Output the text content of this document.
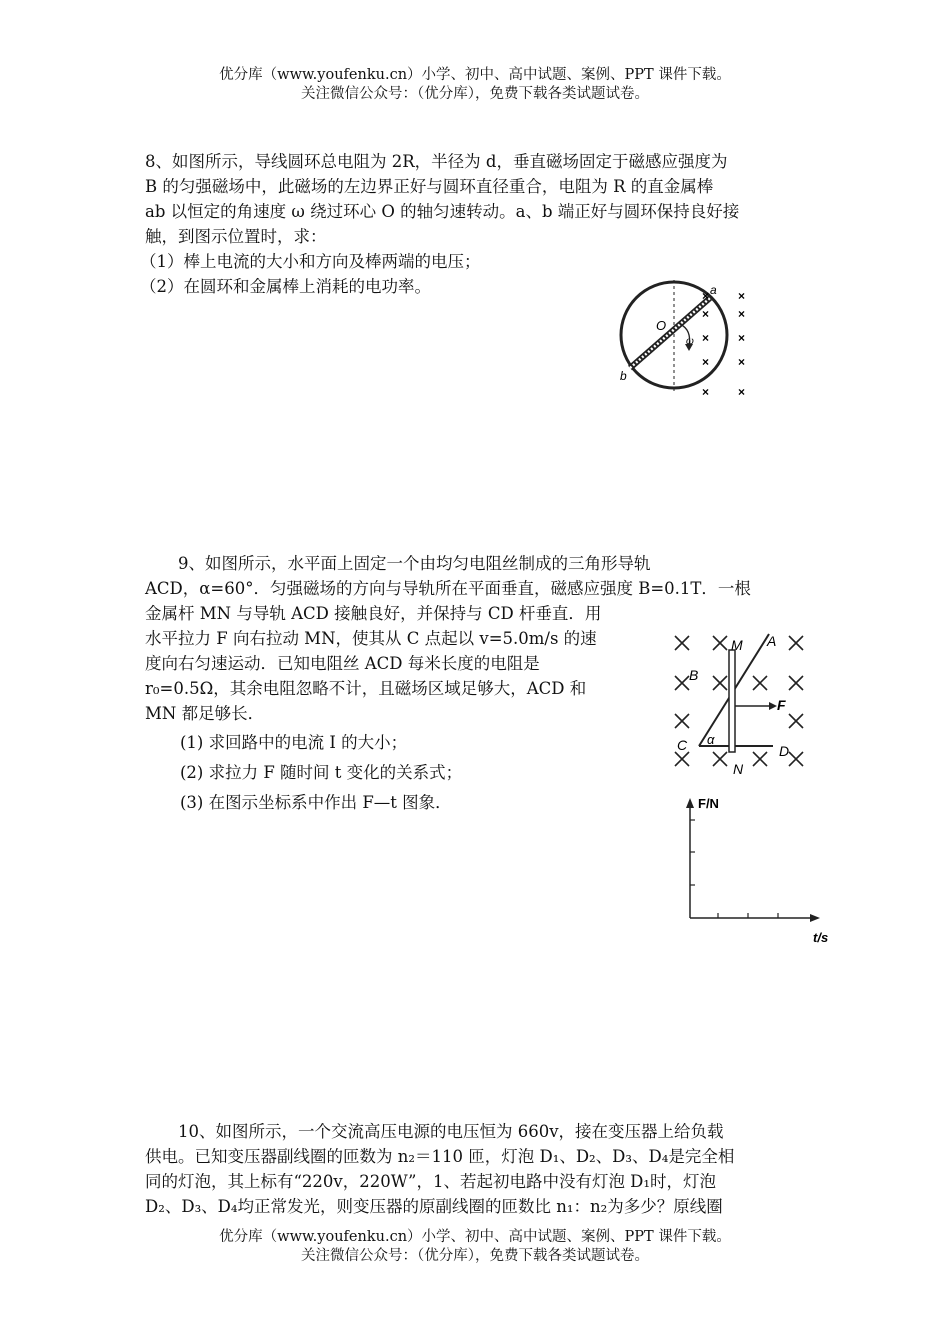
优分库（www.youfenku.cn）小学、初中、高中试题、案例、PPT 课件下载。
关注微信公众号：（优分库），免费下载各类试题试卷。
8、如图所示，导线圆环总电阻为 2R，半径为 d，垂直磁场固定于磁感应强度为
B 的匀强磁场中，此磁场的左边界正好与圆环直径重合，电阻为 R 的直金属棒
ab 以恒定的角速度 ω 绕过环心 O 的轴匀速转动。a、b 端正好与圆环保持良好接
触，到图示位置时，求：
（1）棒上电流的大小和方向及棒两端的电压；
（2）在圆环和金属棒上消耗的电功率。
O
a
b
ω
× ×
× ×
× ×
× ×
× ×
9、如图所示，水平面上固定一个由均匀电阻丝制成的三角形导轨
ACD，α=60°．匀强磁场的方向与导轨所在平面垂直，磁感应强度 B=0.1T．一根
金属杆 MN 与导轨 ACD 接触良好，并保持与 CD 杆垂直．用
水平拉力 F 向右拉动 MN，使其从 C 点起以 v=5.0m/s 的速
度向右匀速运动．已知电阻丝 ACD 每米长度的电阻是
r₀=0.5Ω，其余电阻忽略不计，且磁场区域足够大，ACD 和
MN 都足够长．
(1) 求回路中的电流 I 的大小；
(2) 求拉力 F 随时间 t 变化的关系式；
(3) 在图示坐标系中作出 F—t 图象．
M A
B
F
C α
D
N
F/N
t/s
10、如图所示，一个交流高压电源的电压恒为 660v，接在变压器上给负载
供电。已知变压器副线圈的匝数为 n₂＝110 匝，灯泡 D₁、D₂、D₃、D₄是完全相
同的灯泡，其上标有“220v，220W”，1、若起初电路中没有灯泡 D₁时，灯泡
D₂、D₃、D₄均正常发光，则变压器的原副线圈的匝数比 n₁：n₂为多少？原线圈
优分库（www.youfenku.cn）小学、初中、高中试题、案例、PPT 课件下载。
关注微信公众号：（优分库），免费下载各类试题试卷。
